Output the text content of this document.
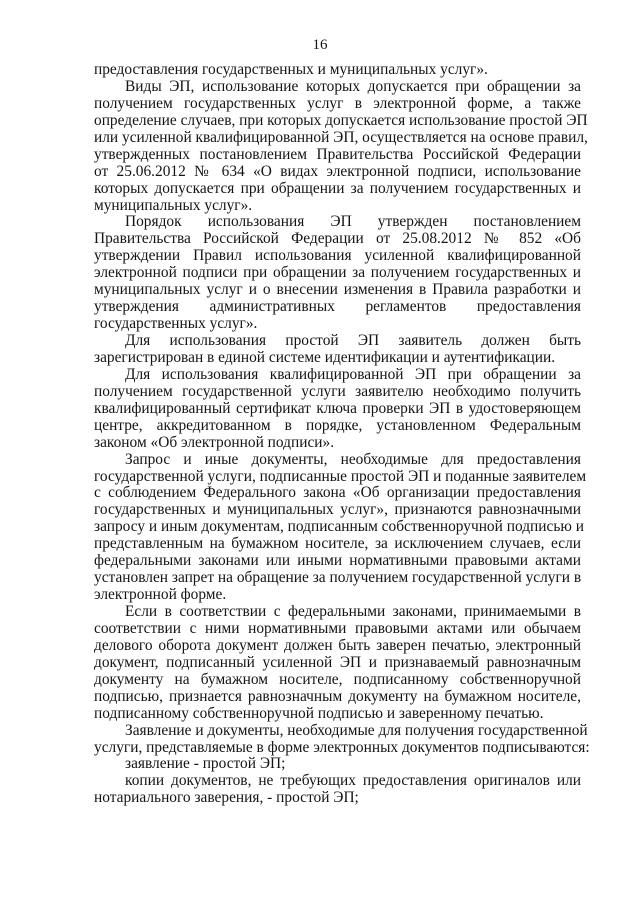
16
предоставления государственных и муниципальных услуг».
Виды ЭП, использование которых допускается при обращении за
получением государственных услуг в электронной форме, а также
определение случаев, при которых допускается использование простой ЭП
или усиленной квалифицированной ЭП, осуществляется на основе правил,
утвержденных постановлением Правительства Российской Федерации
от 25.06.2012 № 634 «О видах электронной подписи, использование
которых допускается при обращении за получением государственных и
муниципальных услуг».
Порядок использования ЭП утвержден постановлением
Правительства Российской Федерации от 25.08.2012 № 852 «Об
утверждении Правил использования усиленной квалифицированной
электронной подписи при обращении за получением государственных и
муниципальных услуг и о внесении изменения в Правила разработки и
утверждения административных регламентов предоставления
государственных услуг».
Для использования простой ЭП заявитель должен быть
зарегистрирован в единой системе идентификации и аутентификации.
Для использования квалифицированной ЭП при обращении за
получением государственной услуги заявителю необходимо получить
квалифицированный сертификат ключа проверки ЭП в удостоверяющем
центре, аккредитованном в порядке, установленном Федеральным
законом «Об электронной подписи».
Запрос и иные документы, необходимые для предоставления
государственной услуги, подписанные простой ЭП и поданные заявителем
с соблюдением Федерального закона «Об организации предоставления
государственных и муниципальных услуг», признаются равнозначными
запросу и иным документам, подписанным собственноручной подписью и
представленным на бумажном носителе, за исключением случаев, если
федеральными законами или иными нормативными правовыми актами
установлен запрет на обращение за получением государственной услуги в
электронной форме.
Если в соответствии с федеральными законами, принимаемыми в
соответствии с ними нормативными правовыми актами или обычаем
делового оборота документ должен быть заверен печатью, электронный
документ, подписанный усиленной ЭП и признаваемый равнозначным
документу на бумажном носителе, подписанному собственноручной
подписью, признается равнозначным документу на бумажном носителе,
подписанному собственноручной подписью и заверенному печатью.
Заявление и документы, необходимые для получения государственной
услуги, представляемые в форме электронных документов подписываются:
заявление - простой ЭП;
копии документов, не требующих предоставления оригиналов или
нотариального заверения, - простой ЭП;
